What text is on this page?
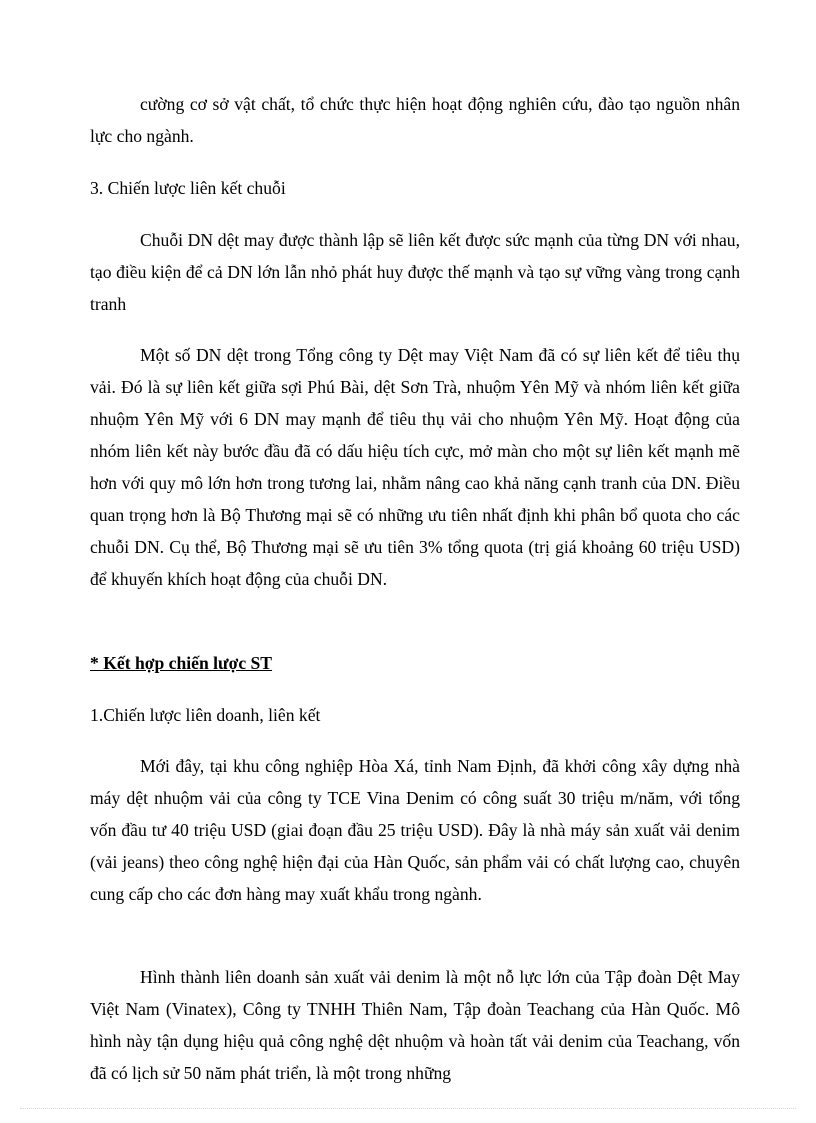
cường cơ sở vật chất, tổ chức thực hiện hoạt động nghiên cứu, đào tạo nguồn nhân lực cho ngành.
3. Chiến lược liên kết chuỗi
Chuỗi DN dệt may được thành lập sẽ liên kết được sức mạnh của từng DN với nhau, tạo điều kiện để cả DN lớn lẫn nhỏ phát huy được thế mạnh và tạo sự vững vàng trong cạnh tranh
Một số DN dệt trong Tổng công ty Dệt may Việt Nam đã có sự liên kết để tiêu thụ vải. Đó là sự liên kết giữa sợi Phú Bài, dệt Sơn Trà, nhuộm Yên Mỹ và nhóm liên kết giữa nhuộm Yên Mỹ với 6 DN may mạnh để tiêu thụ vải cho nhuộm Yên Mỹ. Hoạt động của nhóm liên kết này bước đầu đã có dấu hiệu tích cực, mở màn cho một sự liên kết mạnh mẽ hơn với quy mô lớn hơn trong tương lai, nhằm nâng cao khả năng cạnh tranh của DN. Điều quan trọng hơn là Bộ Thương mại sẽ có những ưu tiên nhất định khi phân bổ quota cho các chuỗi DN. Cụ thể, Bộ Thương mại sẽ ưu tiên 3% tổng quota (trị giá khoảng 60 triệu USD) để khuyến khích hoạt động của chuỗi DN.
* Kết hợp chiến lược ST
1.Chiến lược liên doanh, liên kết
Mới đây, tại khu công nghiệp Hòa Xá, tỉnh Nam Định, đã khởi công xây dựng nhà máy dệt nhuộm vải của công ty TCE Vina Denim có công suất 30 triệu m/năm, với tổng vốn đầu tư 40 triệu USD (giai đoạn đầu 25 triệu USD). Đây là nhà máy sản xuất vải denim (vải jeans) theo công nghệ hiện đại của Hàn Quốc, sản phẩm vải có chất lượng cao, chuyên cung cấp cho các đơn hàng may xuất khẩu trong ngành.
Hình thành liên doanh sản xuất vải denim là một nỗ lực lớn của Tập đoàn Dệt May Việt Nam (Vinatex), Công ty TNHH Thiên Nam, Tập đoàn Teachang của Hàn Quốc. Mô hình này tận dụng hiệu quả công nghệ dệt nhuộm và hoàn tất vải denim của Teachang, vốn đã có lịch sử 50 năm phát triển, là một trong những
